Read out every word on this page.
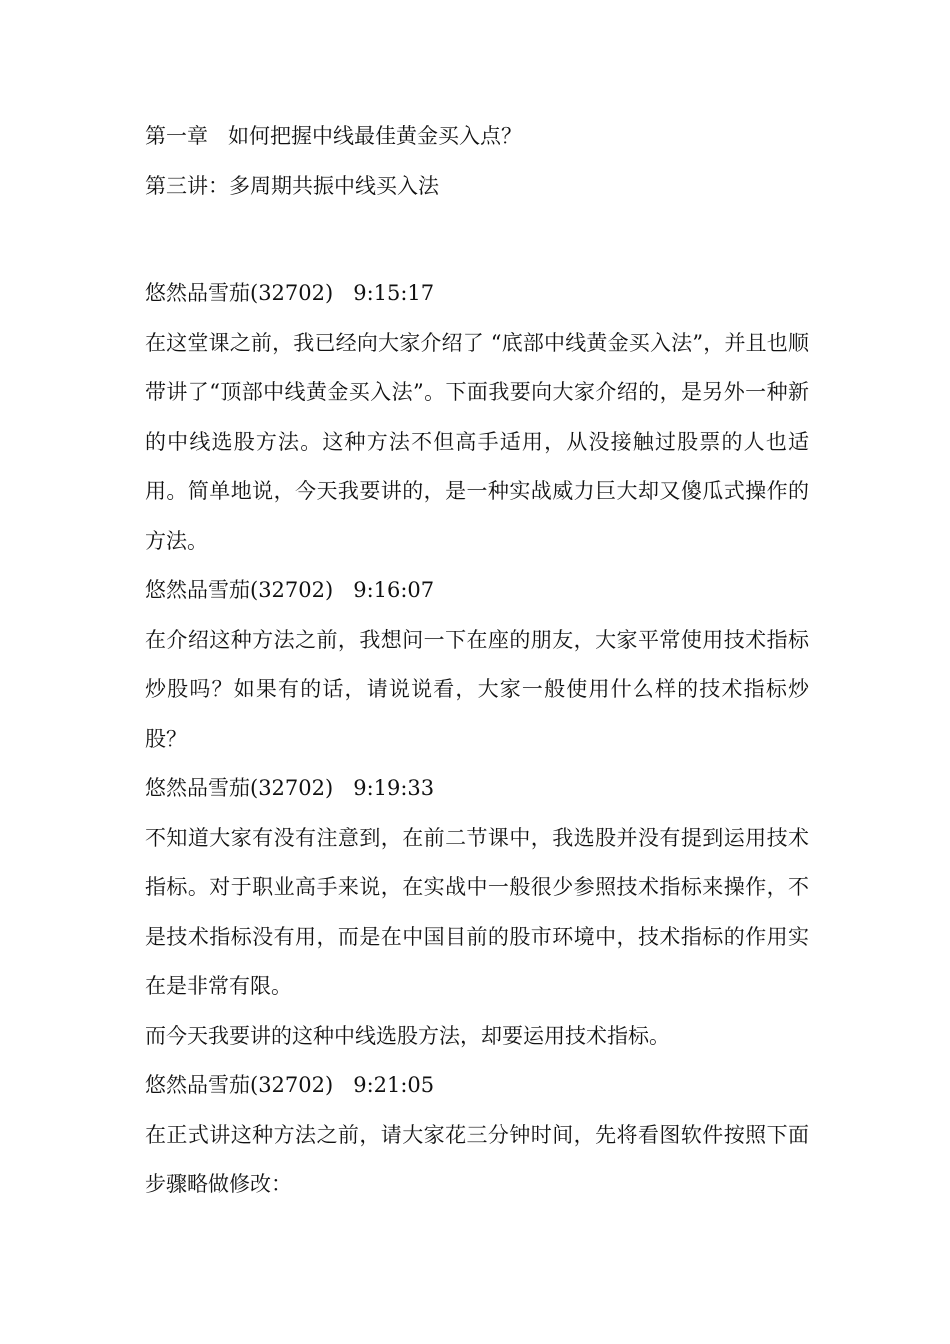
第一章 如何把握中线最佳黄金买入点？

第三讲：多周期共振中线买入法

悠然品雪茄(32702) 9:15:17

在这堂课之前，我已经向大家介绍了 “底部中线黄金买入法”，并且也顺带讲了“顶部中线黄金买入法”。下面我要向大家介绍的，是另外一种新的中线选股方法。这种方法不但高手适用，从没接触过股票的人也适用。简单地说，今天我要讲的，是一种实战威力巨大却又傻瓜式操作的方法。

悠然品雪茄(32702) 9:16:07

在介绍这种方法之前，我想问一下在座的朋友，大家平常使用技术指标炒股吗？如果有的话，请说说看，大家一般使用什么样的技术指标炒股？

悠然品雪茄(32702) 9:19:33

不知道大家有没有注意到，在前二节课中，我选股并没有提到运用技术指标。对于职业高手来说，在实战中一般很少参照技术指标来操作，不是技术指标没有用，而是在中国目前的股市环境中，技术指标的作用实在是非常有限。

而今天我要讲的这种中线选股方法，却要运用技术指标。

悠然品雪茄(32702) 9:21:05

在正式讲这种方法之前，请大家花三分钟时间，先将看图软件按照下面步骤略做修改：
